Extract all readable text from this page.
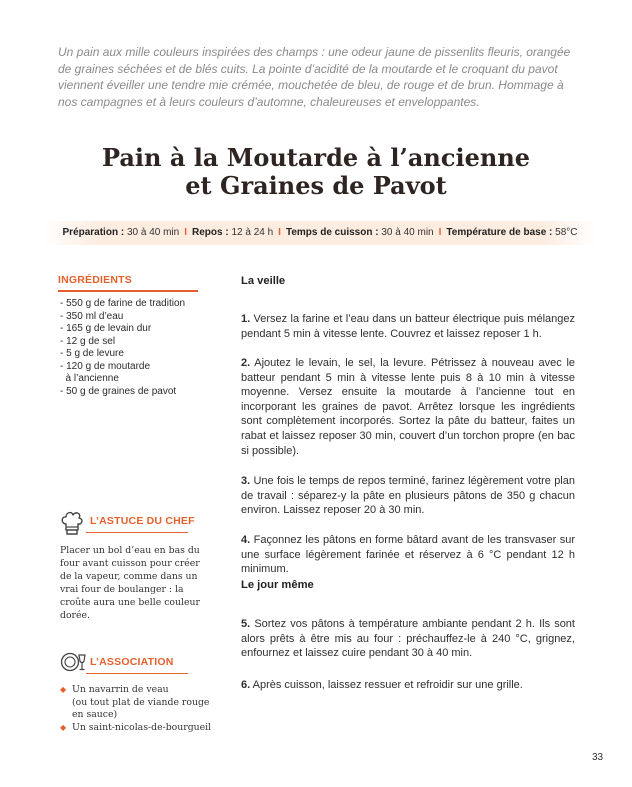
Un pain aux mille couleurs inspirées des champs : une odeur jaune de pissenlits fleuris, orangée de graines séchées et de blés cuits. La pointe d’acidité de la moutarde et le croquant du pavot viennent éveiller une tendre mie crémée, mouchetée de bleu, de rouge et de brun. Hommage à nos campagnes et à leurs couleurs d’automne, chaleureuses et enveloppantes.

Pain à la Moutarde à l’ancienne
et Graines de Pavot
Préparation : 30 à 40 min I Repos : 12 à 24 h I Temps de cuisson : 30 à 40 min I Température de base : 58°C
INGRÉDIENTS
- 550 g de farine de tradition
- 350 ml d’eau
- 165 g de levain dur
- 12 g de sel
- 5 g de levure
- 120 g de moutarde
à l’ancienne
- 50 g de graines de pavot
L’ASTUCE DU CHEF

Placer un bol d’eau en bas du four avant cuisson pour créer de la vapeur, comme dans un vrai four de boulanger : la croûte aura une belle couleur dorée.

L’ASSOCIATION
◆ Un navarrin de veau
(ou tout plat de viande rouge en sauce)
◆ Un saint-nicolas-de-bourgueil
La veille

1. Versez la farine et l’eau dans un batteur électrique puis mélangez pendant 5 min à vitesse lente. Couvrez et laissez reposer 1 h.

2. Ajoutez le levain, le sel, la levure. Pétrissez à nouveau avec le batteur pendant 5 min à vitesse lente puis 8 à 10 min à vitesse moyenne. Versez ensuite la moutarde à l’ancienne tout en incorporant les graines de pavot. Arrêtez lorsque les ingrédients sont complètement incorporés. Sortez la pâte du batteur, faites un rabat et laissez reposer 30 min, couvert d’un torchon propre (en bac si possible).

3. Une fois le temps de repos terminé, farinez légèrement votre plan de travail : séparez-y la pâte en plusieurs pâtons de 350 g chacun environ. Laissez reposer 20 à 30 min.

4. Façonnez les pâtons en forme bâtard avant de les transvaser sur une surface légèrement farinée et réservez à 6 °C pendant 12 h minimum.

Le jour même

5. Sortez vos pâtons à température ambiante pendant 2 h. Ils sont alors prêts à être mis au four : préchauffez-le à 240 °C, grignez, enfournez et laissez cuire pendant 30 à 40 min.

6. Après cuisson, laissez ressuer et refroidir sur une grille.

33
